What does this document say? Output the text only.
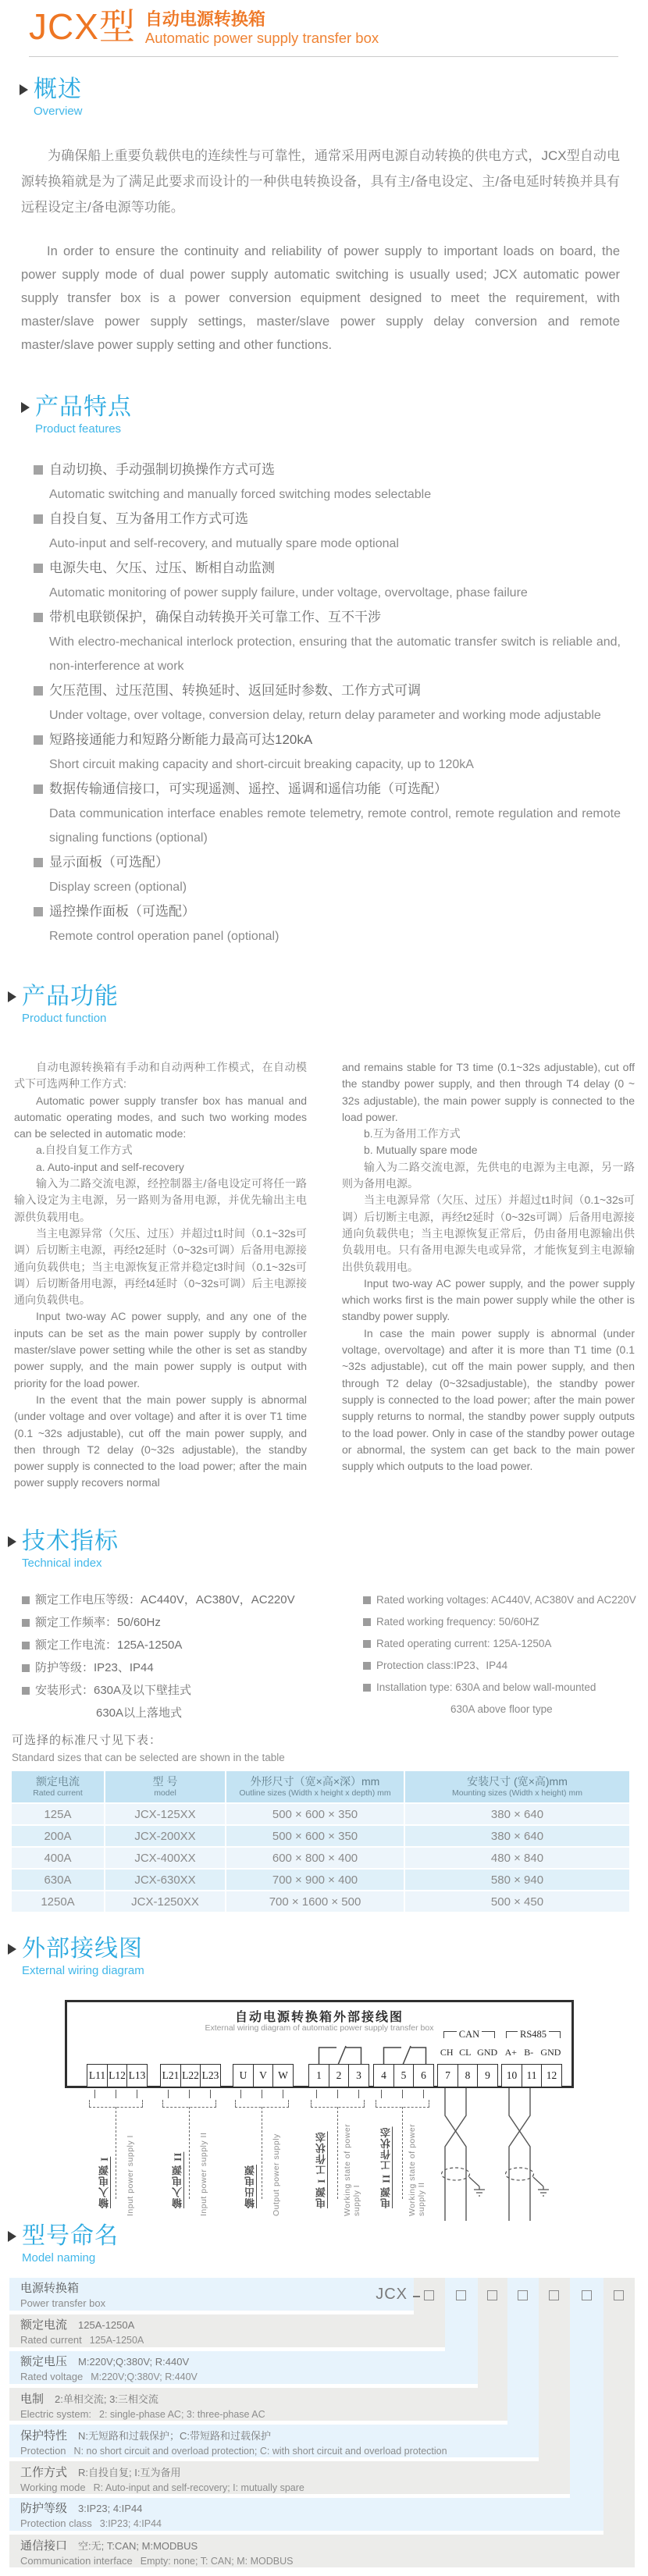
JCX型 自动电源转换箱
Automatic power supply transfer box
概述
Overview

为确保船上重要负载供电的连续性与可靠性，通常采用两电源自动转换的供电方式，JCX型自动电源转换箱就是为了满足此要求而设计的一种供电转换设备，具有主/备电设定、主/备电延时转换并具有远程设定主/备电源等功能。

In order to ensure the continuity and reliability of power supply to important loads on board, the power supply mode of dual power supply automatic switching is usually used; JCX automatic power supply transfer box is a power conversion equipment designed to meet the requirement, with master/slave power supply settings, master/slave power supply delay conversion and remote master/slave power supply setting and other functions.

产品特点
Product features
自动切换、手动强制切换操作方式可选
Automatic switching and manually forced switching modes selectable
自投自复、互为备用工作方式可选
Auto-input and self-recovery, and mutually spare mode optional
电源失电、欠压、过压、断相自动监测
Automatic monitoring of power supply failure, under voltage, overvoltage, phase failure
带机电联锁保护，确保自动转换开关可靠工作、互不干涉
With electro-mechanical interlock protection, ensuring that the automatic transfer switch is reliable and, non-interference at work
欠压范围、过压范围、转换延时、返回延时参数、工作方式可调
Under voltage, over voltage, conversion delay, return delay parameter and working mode adjustable
短路接通能力和短路分断能力最高可达120kA
Short circuit making capacity and short-circuit breaking capacity, up to 120kA
数据传输通信接口，可实现遥测、遥控、遥调和遥信功能（可选配）
Data communication interface enables remote telemetry, remote control, remote regulation and remote signaling functions (optional)
显示面板（可选配）
Display screen (optional)
遥控操作面板（可选配）
Remote control operation panel (optional)
产品功能
Product function

自动电源转换箱有手动和自动两种工作模式，在自动模式下可选两种工作方式:

Automatic power supply transfer box has manual and automatic operating modes, and such two working modes can be selected in automatic mode:

a.自投自复工作方式

a. Auto-input and self-recovery

输入为二路交流电源，经控制器主/备电设定可将任一路输入设定为主电源，另一路则为备用电源，并优先输出主电源供负载用电。

当主电源异常（欠压、过压）并超过t1时间（0.1~32s可调）后切断主电源，再经t2延时（0~32s可调）后备用电源接通向负载供电；当主电源恢复正常并稳定t3时间（0.1~32s可调）后切断备用电源，再经t4延时（0~32s可调）后主电源接通向负载供电。

Input two-way AC power supply, and any one of the inputs can be set as the main power supply by controller master/slave power setting while the other is set as standby power supply, and the main power supply is output with priority for the load power.

In the event that the main power supply is abnormal (under voltage and over voltage) and after it is over T1 time (0.1 ~32s adjustable), cut off the main power supply, and then through T2 delay (0~32s adjustable), the standby power supply is connected to the load power; after the main power supply recovers normal

and remains stable for T3 time (0.1~32s adjustable), cut off the standby power supply, and then through T4 delay (0 ~ 32s adjustable), the main power supply is connected to the load power.

b.互为备用工作方式

b. Mutually spare mode

输入为二路交流电源，先供电的电源为主电源，另一路则为备用电源。

当主电源异常（欠压、过压）并超过t1时间（0.1~32s可调）后切断主电源，再经t2延时（0~32s可调）后备用电源接通向负载供电；当主电源恢复正常后，仍由备用电源输出供负载用电。只有备用电源失电或异常，才能恢复到主电源输出供负载用电。

Input two-way AC power supply, and the power supply which works first is the main power supply while the other is standby power supply.

In case the main power supply is abnormal (under voltage, overvoltage) and after it is more than T1 time (0.1 ~32s adjustable), cut off the main power supply, and then through T2 delay (0~32sadjustable), the standby power supply is connected to the load power; after the main power supply returns to normal, the standby power supply outputs to the load power. Only in case of the standby power outage or abnormal, the system can get back to the main power supply which outputs to the load power.

技术指标
Technical index
额定工作电压等级：AC440V，AC380V，AC220V
额定工作频率：50/60Hz
额定工作电流：125A-1250A
防护等级：IP23、IP44
安装形式：630A及以下壁挂式
630A以上落地式
Rated working voltages: AC440V, AC380V and AC220V
Rated working frequency: 50/60HZ
Rated operating current: 125A-1250A
Protection class:IP23、IP44
Installation type: 630A and below wall-mounted
630A above floor type
可选择的标准尺寸见下表：
Standard sizes that can be selected are shown in the table
额定电流
Rated current
型 号
model
外形尺寸（宽×高×深）mm
Outline sizes (Width x height x depth) mm
安装尺寸 (宽×高)mm
Mounting sizes (Width x height) mm
125A	JCX-125XX	500 × 600 × 350	380 × 640
200A	JCX-200XX	500 × 600 × 350	380 × 640
400A	JCX-400XX	600 × 800 × 400	480 × 840
630A	JCX-630XX	700 × 900 × 400	580 × 940
1250A	JCX-1250XX	700 × 1600 × 500	500 × 450
外部接线图
External wiring diagram
自动电源转换箱外部接线图
External wiring diagram of automatic power supply transfer box
CAN	RS485
CH CL GND A+ B- GND
L11 L12 L13 L21 L22 L23	U	V	W	1	2	3	4	5	6	7	8	9	10 11 12
输入电源 I Input power supply I	输入电源 II Input power supply II	输出电源 Output power supply	电源 I 工作状态 Working state of power supply I 电源 II 工作状态 Working state of power supply II
型号命名
Model naming
电源转换箱
Power transfer box
额定电流 125A-1250A
Rated current 125A-1250A
额定电压 M:220V;Q:380V; R:440V
Rated voltage M:220V;Q:380V; R:440V
电制 2:单相交流; 3:三相交流
Electric system: 2: single-phase AC; 3: three-phase AC
保护特性 N:无短路和过载保护；C:带短路和过载保护
Protection N: no short circuit and overload protection; C: with short circuit and overload protection
工作方式 R:自投自复; I:互为备用
Working mode R: Auto-input and self-recovery; I: mutually spare
防护等级 3:IP23; 4:IP44
Protection class 3:IP23; 4:IP44
通信接口 空:无; T:CAN; M:MODBUS
Communication interface Empty: none; T: CAN; M: MODBUS
JCX
